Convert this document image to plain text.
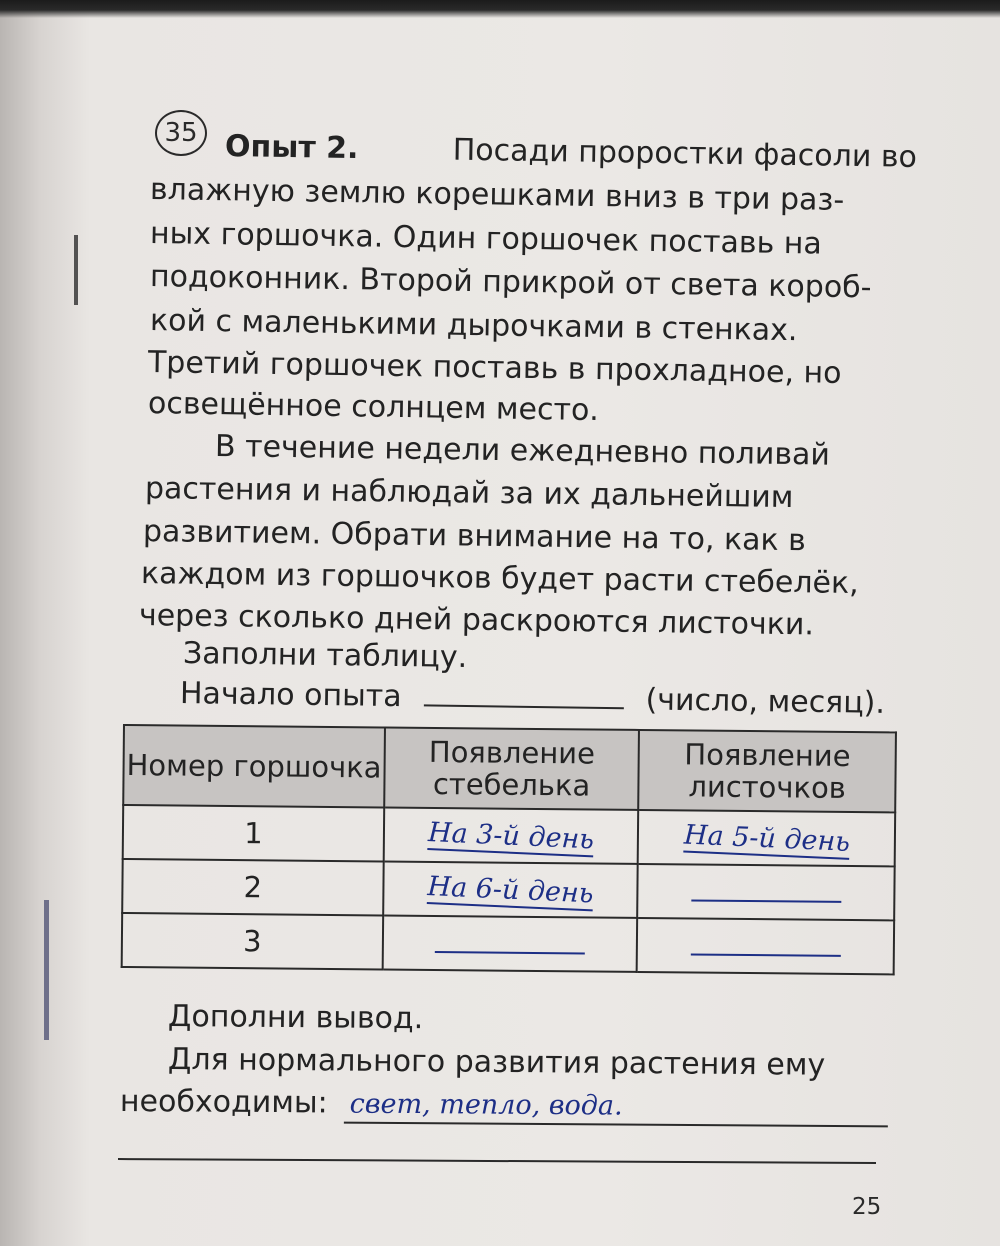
35 Опыт 2.	Посади проростки фасоли во
влажную землю корешками вниз в три раз-
ных горшочка. Один горшочек поставь на
подоконник. Второй прикрой от света короб-
кой с маленькими дырочками в стенках.
Третий горшочек поставь в прохладное, но
освещённое солнцем место.
В течение недели ежедневно поливай
растения и наблюдай за их дальнейшим
развитием. Обрати внимание на то, как в
каждом из горшочков будет расти стебелёк,
через сколько дней раскроются листочки.
Заполни таблицу.
Начало опыта	(число, месяц).
Номер горшочка	Появление стебелька	Появление листочков
1	На 3-й день	На 5-й день
2	На 6-й день	
3		
Дополни вывод.
Для нормального развития растения ему
необходимы: свет, тепло, вода.
25
